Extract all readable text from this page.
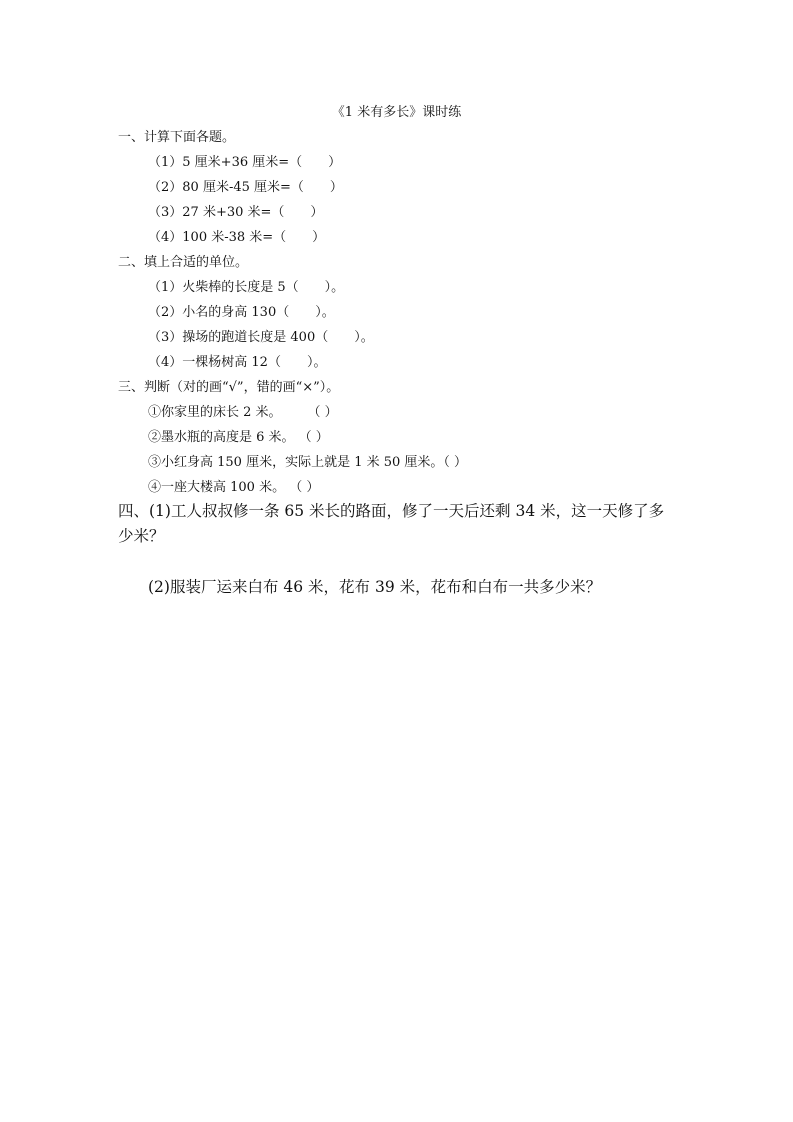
《1 米有多长》课时练
一、计算下面各题。
（1）5 厘米+36 厘米=（　　）
（2）80 厘米-45 厘米=（　　）
（3）27 米+30 米=（　　）
（4）100 米-38 米=（　　）
二、填上合适的单位。
（1）火柴棒的长度是 5（　　）。
（2）小名的身高 130（　　）。
（3）操场的跑道长度是 400（　　）。
（4）一棵杨树高 12（　　）。
三、判断（对的画“√”，错的画“×”）。
①你家里的床长 2 米。　　　（ ）
②墨水瓶的高度是 6 米。 （ ）
③小红身高 150 厘米，实际上就是 1 米 50 厘米。（ ）
④一座大楼高 100 米。 （ ）
四、(1)工人叔叔修一条 65 米长的路面，修了一天后还剩 34 米，这一天修了多
少米？
(2)服装厂运来白布 46 米，花布 39 米，花布和白布一共多少米？
